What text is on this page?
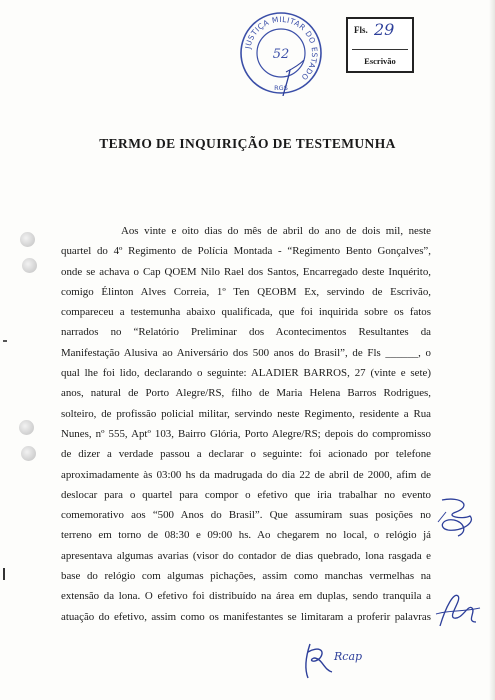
JUSTIÇA MILITAR DO ESTADO
52
RGS
Fls. 29
Escrivão
TERMO DE INQUIRIÇÃO DE TESTEMUNHA
Aos vinte e oito dias do mês de abril do ano de dois mil, neste
quartel do 4º Regimento de Polícia Montada - “Regimento Bento Gonçalves”,
onde se achava o Cap QOEM Nilo Rael dos Santos, Encarregado deste Inquérito,
comigo Élinton Alves Correia, 1º Ten QEOBM Ex, servindo de Escrivão,
compareceu a testemunha abaixo qualificada, que foi inquirida sobre os fatos
narrados no “Relatório Preliminar dos Acontecimentos Resultantes da
Manifestação Alusiva ao Aniversário dos 500 anos do Brasil”, de Fls ______, o
qual lhe foi lido, declarando o seguinte: ALADIER BARROS, 27 (vinte e sete)
anos, natural de Porto Alegre/RS, filho de Maria Helena Barros Rodrigues,
solteiro, de profissão policial militar, servindo neste Regimento, residente a Rua
Nunes, nº 555, Aptº 103, Bairro Glória, Porto Alegre/RS; depois do compromisso
de dizer a verdade passou a declarar o seguinte: foi acionado por telefone
aproximadamente às 03:00 hs da madrugada do dia 22 de abril de 2000, afim de
deslocar para o quartel para compor o efetivo que iria trabalhar no evento
comemorativo aos “500 Anos do Brasil”. Que assumiram suas posições no
terreno em torno de 08:30 e 09:00 hs. Ao chegarem no local, o relógio já
apresentava algumas avarias (visor do contador de dias quebrado, lona rasgada e
base do relógio com algumas pichações, assim como manchas vermelhas na
extensão da lona. O efetivo foi distribuído na área em duplas, sendo tranquila a
atuação do efetivo, assim como os manifestantes se limitaram a proferir palavras
Rcap
